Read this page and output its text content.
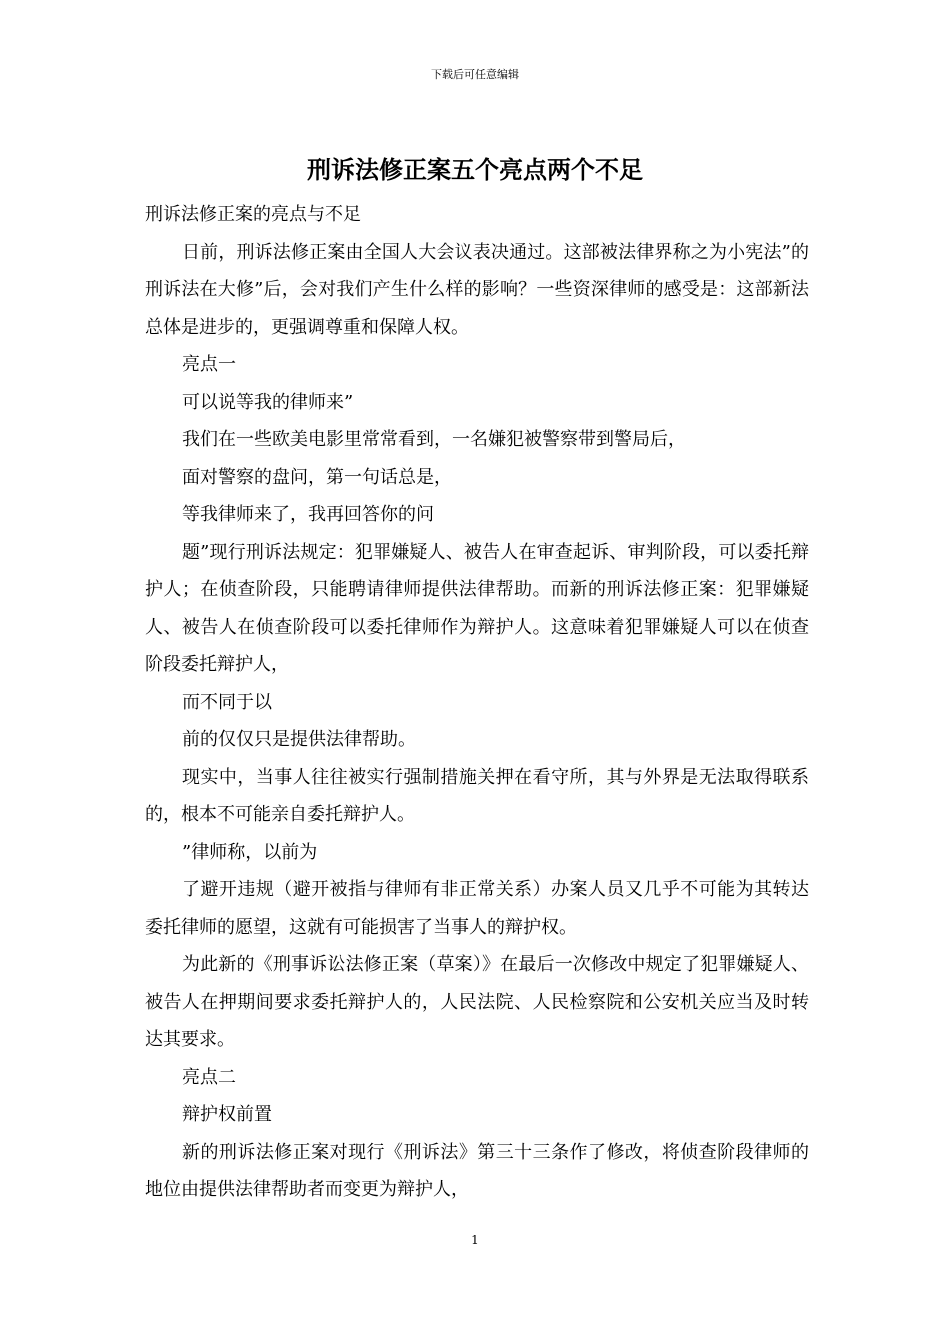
下载后可任意编辑
刑诉法修正案五个亮点两个不足

刑诉法修正案的亮点与不足

日前，刑诉法修正案由全国人大会议表决通过。这部被法律界称之为小宪法”的刑诉法在大修”后，会对我们产生什么样的影响？一些资深律师的感受是：这部新法总体是进步的，更强调尊重和保障人权。

亮点一

可以说等我的律师来”

我们在一些欧美电影里常常看到，一名嫌犯被警察带到警局后，

面对警察的盘问，第一句话总是，

等我律师来了，我再回答你的问

题”现行刑诉法规定：犯罪嫌疑人、被告人在审查起诉、审判阶段，可以委托辩护人；在侦查阶段，只能聘请律师提供法律帮助。而新的刑诉法修正案：犯罪嫌疑人、被告人在侦查阶段可以委托律师作为辩护人。这意味着犯罪嫌疑人可以在侦查阶段委托辩护人，

而不同于以

前的仅仅只是提供法律帮助。

现实中，当事人往往被实行强制措施关押在看守所，其与外界是无法取得联系的，根本不可能亲自委托辩护人。

”律师称，以前为

了避开违规（避开被指与律师有非正常关系）办案人员又几乎不可能为其转达委托律师的愿望，这就有可能损害了当事人的辩护权。

为此新的《刑事诉讼法修正案（草案）》在最后一次修改中规定了犯罪嫌疑人、被告人在押期间要求委托辩护人的，人民法院、人民检察院和公安机关应当及时转达其要求。

亮点二

辩护权前置

新的刑诉法修正案对现行《刑诉法》第三十三条作了修改，将侦查阶段律师的地位由提供法律帮助者而变更为辩护人，

1
